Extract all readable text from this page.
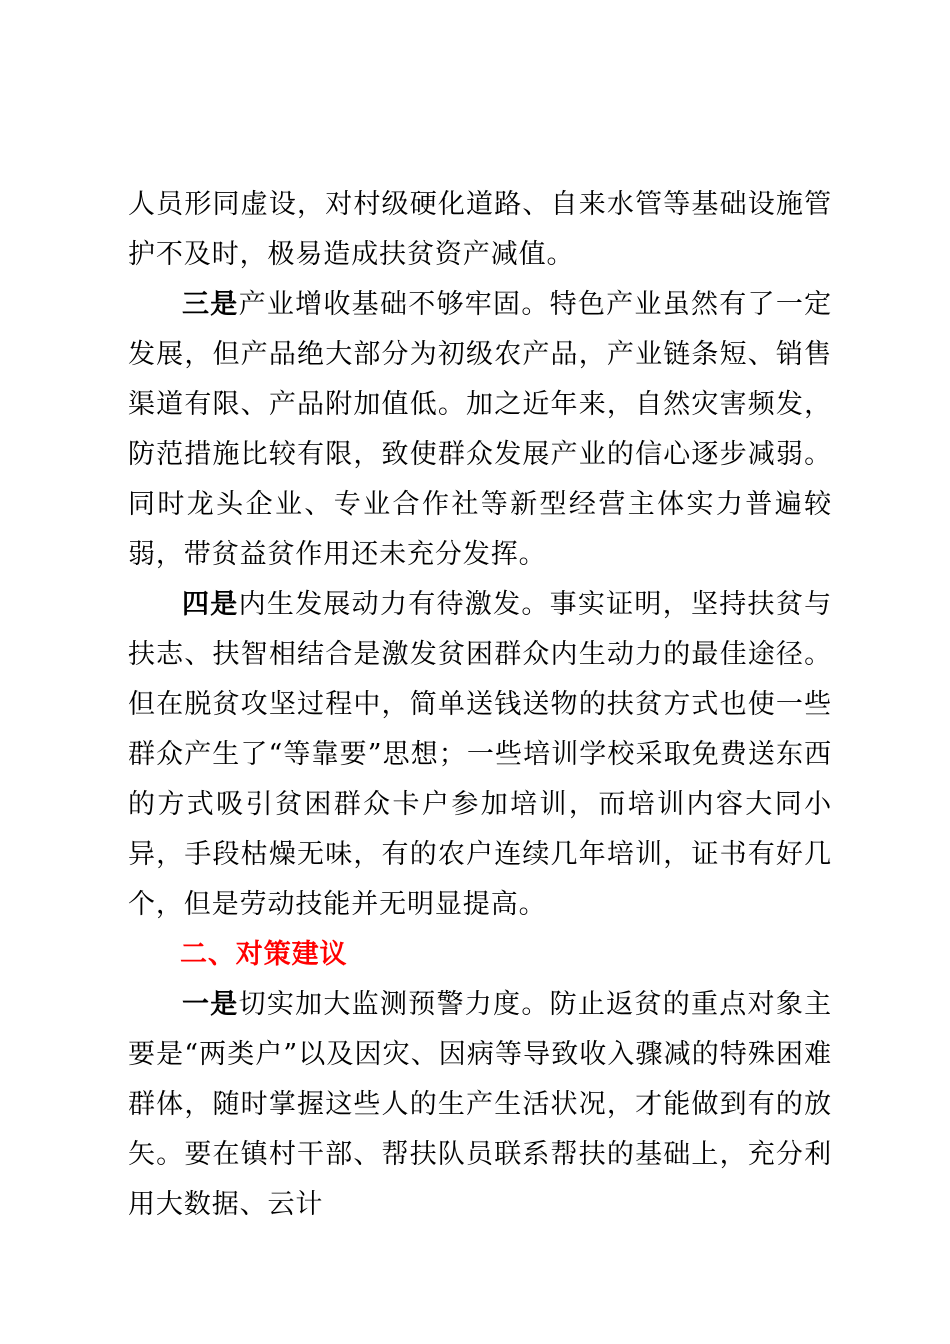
人员形同虚设，对村级硬化道路、自来水管等基础设施管护不及时，极易造成扶贫资产减值。

三是产业增收基础不够牢固。特色产业虽然有了一定发展，但产品绝大部分为初级农产品，产业链条短、销售渠道有限、产品附加值低。加之近年来，自然灾害频发，防范措施比较有限，致使群众发展产业的信心逐步减弱。同时龙头企业、专业合作社等新型经营主体实力普遍较弱，带贫益贫作用还未充分发挥。

四是内生发展动力有待激发。事实证明，坚持扶贫与扶志、扶智相结合是激发贫困群众内生动力的最佳途径。但在脱贫攻坚过程中，简单送钱送物的扶贫方式也使一些群众产生了“等靠要”思想；一些培训学校采取免费送东西的方式吸引贫困群众卡户参加培训，而培训内容大同小异，手段枯燥无味，有的农户连续几年培训，证书有好几个，但是劳动技能并无明显提高。

二、对策建议

一是切实加大监测预警力度。防止返贫的重点对象主要是“两类户”以及因灾、因病等导致收入骤减的特殊困难群体，随时掌握这些人的生产生活状况，才能做到有的放矢。要在镇村干部、帮扶队员联系帮扶的基础上，充分利用大数据、云计
